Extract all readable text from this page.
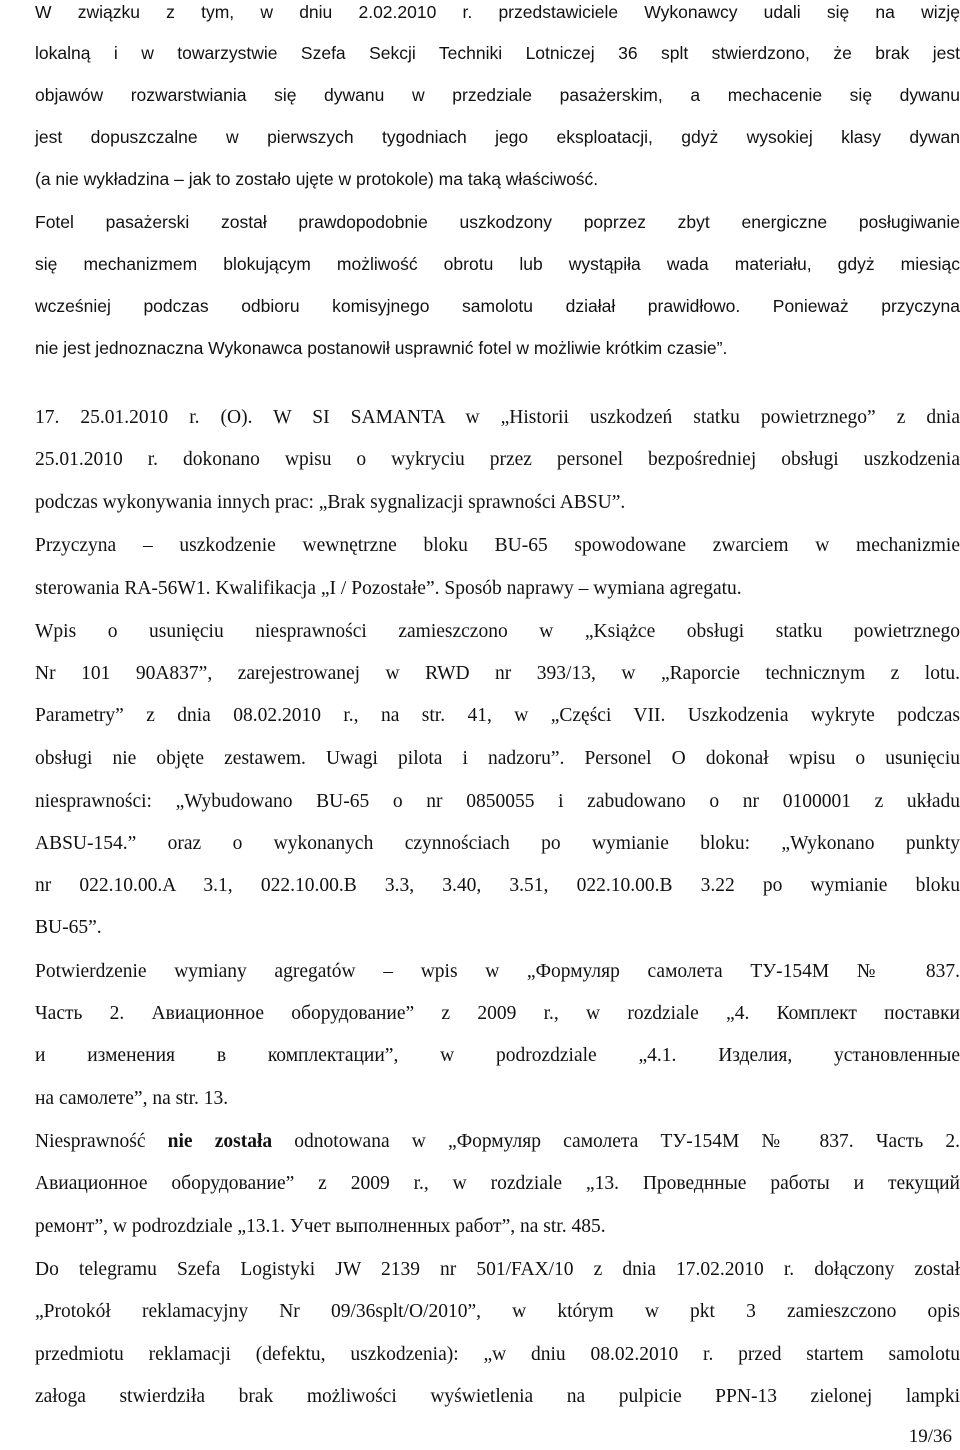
W związku z tym, w dniu 2.02.2010 r. przedstawiciele Wykonawcy udali się na wizję
lokalną i w towarzystwie Szefa Sekcji Techniki Lotniczej 36 splt stwierdzono, że brak jest
objawów rozwarstwiania się dywanu w przedziale pasażerskim, a mechacenie się dywanu
jest dopuszczalne w pierwszych tygodniach jego eksploatacji, gdyż wysokiej klasy dywan
(a nie wykładzina – jak to zostało ujęte w protokole) ma taką właściwość.
Fotel pasażerski został prawdopodobnie uszkodzony poprzez zbyt energiczne posługiwanie
się mechanizmem blokującym możliwość obrotu lub wystąpiła wada materiału, gdyż miesiąc
wcześniej podczas odbioru komisyjnego samolotu działał prawidłowo. Ponieważ przyczyna
nie jest jednoznaczna Wykonawca postanowił usprawnić fotel w możliwie krótkim czasie”.
17. 25.01.2010 r. (O). W SI SAMANTA w „Historii uszkodzeń statku powietrznego” z dnia
25.01.2010 r. dokonano wpisu o wykryciu przez personel bezpośredniej obsługi uszkodzenia
podczas wykonywania innych prac: „Brak sygnalizacji sprawności ABSU”.
Przyczyna – uszkodzenie wewnętrzne bloku BU-65 spowodowane zwarciem w mechanizmie
sterowania RA-56W1. Kwalifikacja „I / Pozostałe”. Sposób naprawy – wymiana agregatu.
Wpis o usunięciu niesprawności zamieszczono w „Książce obsługi statku powietrznego
Nr 101 90A837”, zarejestrowanej w RWD nr 393/13, w „Raporcie technicznym z lotu.
Parametry” z dnia 08.02.2010 r., na str. 41, w „Części VII. Uszkodzenia wykryte podczas
obsługi nie objęte zestawem. Uwagi pilota i nadzoru”. Personel O dokonał wpisu o usunięciu
niesprawności: „Wybudowano BU-65 o nr 0850055 i zabudowano o nr 0100001 z układu
ABSU-154.” oraz o wykonanych czynnościach po wymianie bloku: „Wykonano punkty
nr 022.10.00.A 3.1, 022.10.00.B 3.3, 3.40, 3.51, 022.10.00.B 3.22 po wymianie bloku
BU-65”.
Potwierdzenie wymiany agregatów – wpis w „Формуляр самолета ТУ-154М № 837.
Часть 2. Авиационное оборудование” z 2009 r., w rozdziale „4. Комплект поставки
и изменения в комплектации”, w podrozdziale „4.1. Изделия, установленные
на самолете”, na str. 13.
Niesprawność nie została odnotowana w „Формуляр самолета ТУ-154М № 837. Часть 2.
Авиационное оборудование” z 2009 r., w rozdziale „13. Проведнные работы и текущий
ремонт”, w podrozdziale „13.1. Учет выполненных работ”, na str. 485.
Do telegramu Szefa Logistyki JW 2139 nr 501/FAX/10 z dnia 17.02.2010 r. dołączony został
„Protokół reklamacyjny Nr 09/36splt/O/2010”, w którym w pkt 3 zamieszczono opis
przedmiotu reklamacji (defektu, uszkodzenia): „w dniu 08.02.2010 r. przed startem samolotu
załoga stwierdziła brak możliwości wyświetlenia na pulpicie PPN-13 zielonej lampki
19/36
